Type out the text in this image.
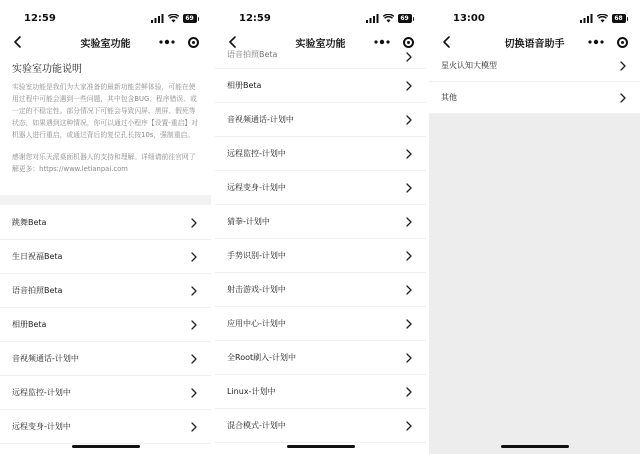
12:59	69
实验室功能
实验室功能说明

实验室功能是我们为大家准备的最新功能尝鲜体验，可能在使用过程中可能会遇到一些问题，其中包含BUG、程序错误、或一定的不稳定性。部分情况下可能会导致闪屏、黑屏、假死等状态，如果遇到这种情况，你可以通过小程序【设置-重启】对机器人进行重启，或通过背后的复位孔长按10s，强制重启。

感谢您对乐天派桌面机器人的支持和理解。详细请前往官网了解更多：https://www.letianpai.com

跳舞Beta
生日祝福Beta
语音拍照Beta
相册Beta
音视频通话-计划中
远程监控-计划中
远程变身-计划中
语音拍照Beta
相册Beta
音视频通话-计划中
远程监控-计划中
远程变身-计划中
猜拳-计划中
手势识别-计划中
射击游戏-计划中
应用中心-计划中
全Root刷入-计划中
Linux-计划中
混合模式-计划中
12:59	69
实验室功能
13:00	68
切换语音助手
星火认知大模型
其他
